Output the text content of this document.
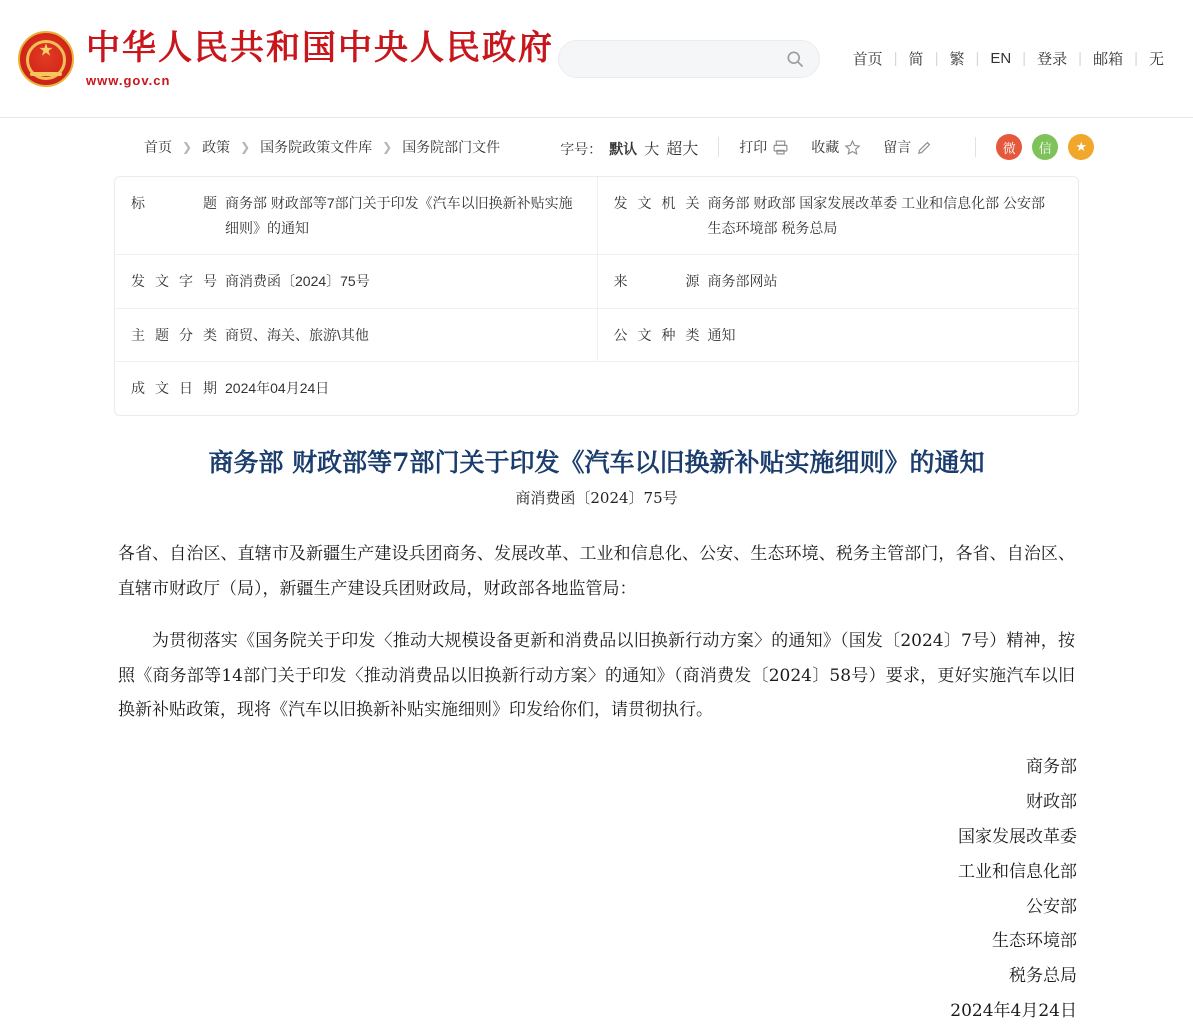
★ 中华人民共和国中央人民政府
www.gov.cn
首页 | 简 | 繁 | EN | 登录 | 邮箱 | 无
首页 ❯ 政策 ❯ 国务院政策文件库 ❯ 国务院部门文件	字号： 默认 大 超大	打印	收藏	留言	微	信	★
标题 商务部 财政部等7部门关于印发《汽车以旧换新补贴实施细则》的通知
发文机关 商务部 财政部 国家发展改革委 工业和信息化部 公安部 生态环境部 税务总局
发文字号 商消费函〔2024〕75号	来源 商务部网站
主题分类 商贸、海关、旅游\其他	公文种类 通知
成文日期 2024年04月24日
商务部 财政部等7部门关于印发《汽车以旧换新补贴实施细则》的通知
商消费函〔2024〕75号

各省、自治区、直辖市及新疆生产建设兵团商务、发展改革、工业和信息化、公安、生态环境、税务主管部门，各省、自治区、直辖市财政厅（局），新疆生产建设兵团财政局，财政部各地监管局：

为贯彻落实《国务院关于印发〈推动大规模设备更新和消费品以旧换新行动方案〉的通知》（国发〔2024〕7号）精神，按照《商务部等14部门关于印发〈推动消费品以旧换新行动方案〉的通知》（商消费发〔2024〕58号）要求，更好实施汽车以旧换新补贴政策，现将《汽车以旧换新补贴实施细则》印发给你们，请贯彻执行。

商务部
财政部
国家发展改革委
工业和信息化部
公安部
生态环境部
税务总局
2024年4月24日
